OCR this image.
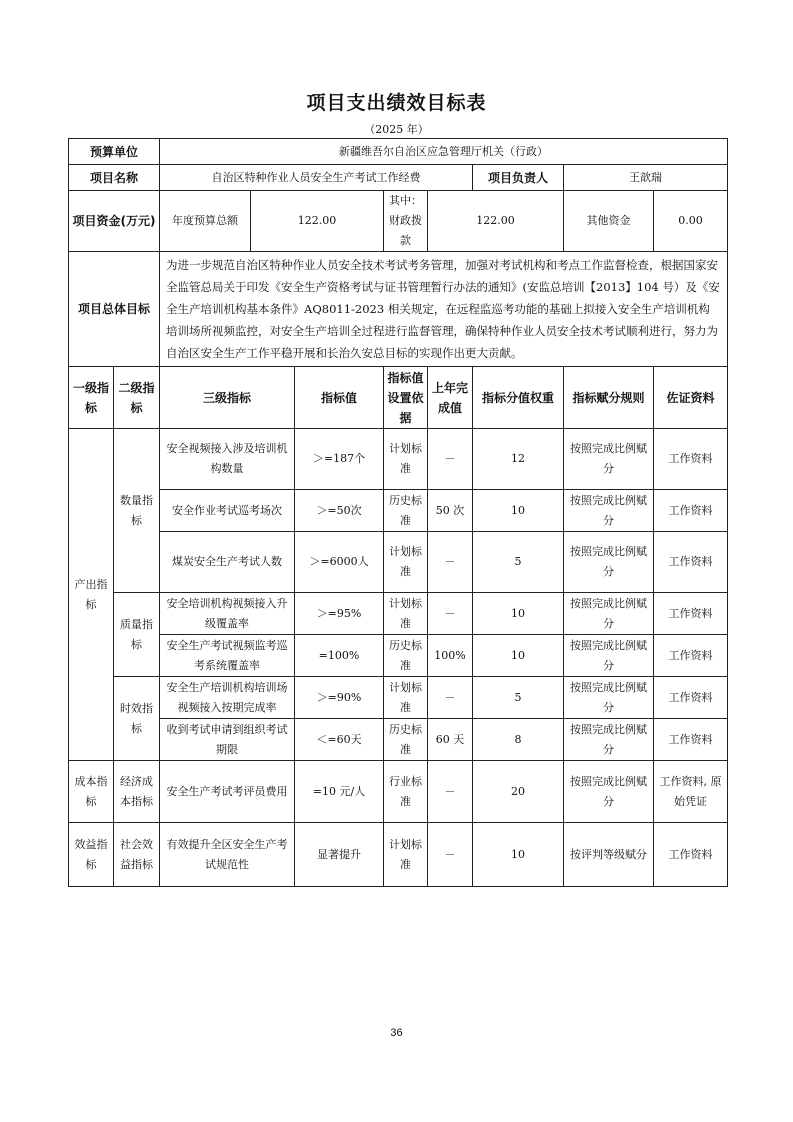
项目支出绩效目标表
（2025 年）
预算单位		新疆维吾尔自治区应急管理厅机关（行政）							
项目名称		自治区特种作业人员安全生产考试工作经费					项目负责人	王歆瑞	
项目资金(万元)		年度预算总额	122.00		其中：财政拨款	122.00		其他资金	0.00
项目总体目标		为进一步规范自治区特种作业人员安全技术考试考务管理，加强对考试机构和考点工作监督检查，根据国家安全监管总局关于印发《安全生产资格考试与证书管理暂行办法的通知》(安监总培训【2013】104 号）及《安全生产培训机构基本条件》AQ8011-2023 相关规定，在远程监巡考功能的基础上拟接入安全生产培训机构培训场所视频监控，对安全生产培训全过程进行监督管理，确保特种作业人员安全技术考试顺利进行，努力为自治区安全生产工作平稳开展和长治久安总目标的实现作出更大贡献。							
一级指标	二级指标	三级指标		指标值	指标值设置依据	上年完成值	指标分值权重	指标赋分规则	佐证资料
产出指标	数量指标	安全视频接入涉及培训机构数量		＞=187个	计划标准	－	12	按照完成比例赋分	工作资料
		安全作业考试巡考场次		＞=50次	历史标准	50 次	10	按照完成比例赋分	工作资料
		煤炭安全生产考试人数		＞=6000人	计划标准	－	5	按照完成比例赋分	工作资料
	质量指标	安全培训机构视频接入升级覆盖率		＞=95%	计划标准	－	10	按照完成比例赋分	工作资料
		安全生产考试视频监考巡考系统覆盖率		=100%	历史标准	100%	10	按照完成比例赋分	工作资料
	时效指标	安全生产培训机构培训场视频接入按期完成率		＞=90%	计划标准	－	5	按照完成比例赋分	工作资料
		收到考试申请到组织考试期限		＜=60天	历史标准	60 天	8	按照完成比例赋分	工作资料
成本指标	经济成本指标	安全生产考试考评员费用		=10 元/人	行业标准	－	20	按照完成比例赋分	工作资料, 原始凭证
效益指标	社会效益指标	有效提升全区安全生产考试规范性		显著提升	计划标准	－	10	按评判等级赋分	工作资料
36
